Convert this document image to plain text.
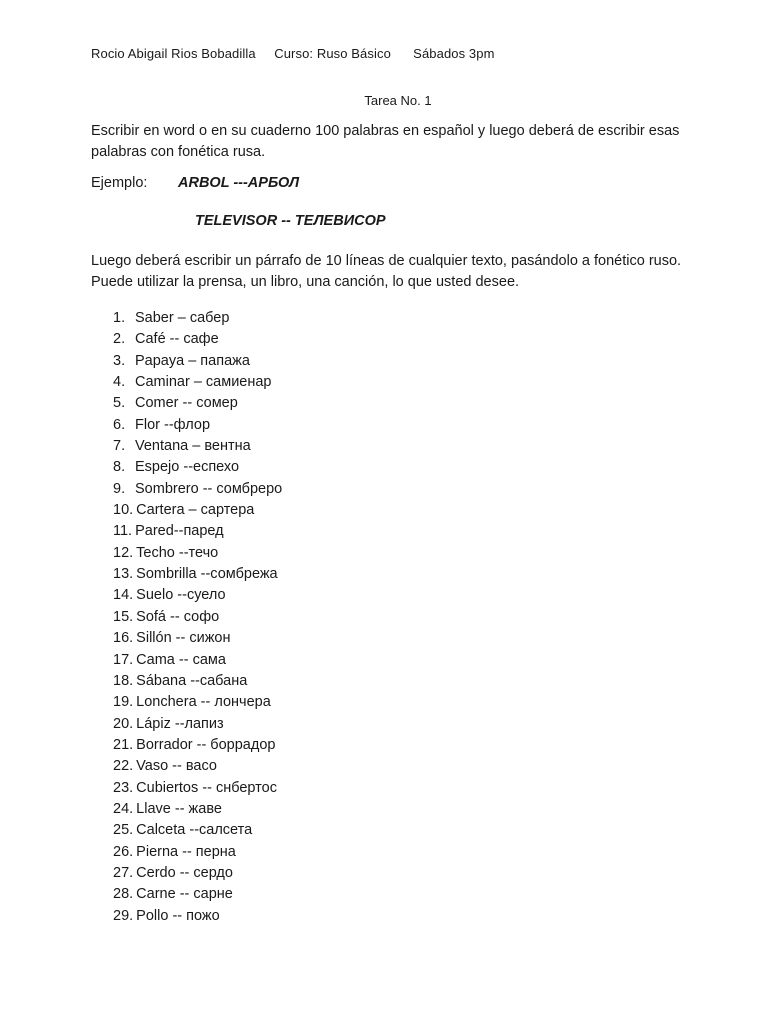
Rocio Abigail Rios Bobadilla     Curso: Ruso Básico      Sábados 3pm
Tarea No. 1
Escribir en word o en su cuaderno 100 palabras en español y luego deberá de escribir esas palabras con fonética rusa.
Ejemplo: ARBOL ---АРБОЛ
TELEVISOR -- ТЕЛЕВИСОР
Luego deberá escribir un párrafo de 10 líneas de cualquier texto, pasándolo a fonético ruso. Puede utilizar la prensa, un libro, una canción, lo que usted desee.
1. Saber – сабер
2. Café -- сафе
3. Papaya – папажа
4. Caminar – самиенар
5. Comer -- сомер
6. Flor --флор
7. Ventana – вентна
8. Espejo --еспехо
9. Sombrero -- сомбреро
10. Cartera – сартера
11. Pared--паред
12. Techo --течо
13. Sombrilla --сомбрежа
14. Suelo --суело
15. Sofá -- софо
16. Sillón -- сижон
17. Cama -- сама
18. Sábana --сабана
19. Lonchera -- лончера
20. Lápiz --лапиз
21. Borrador -- боррадор
22. Vaso -- васо
23. Cubiertos -- снбертос
24. Llave -- жаве
25. Calceta --салсета
26. Pierna -- перна
27. Cerdo -- сердо
28. Carne -- сарне
29. Pollo -- пожо
